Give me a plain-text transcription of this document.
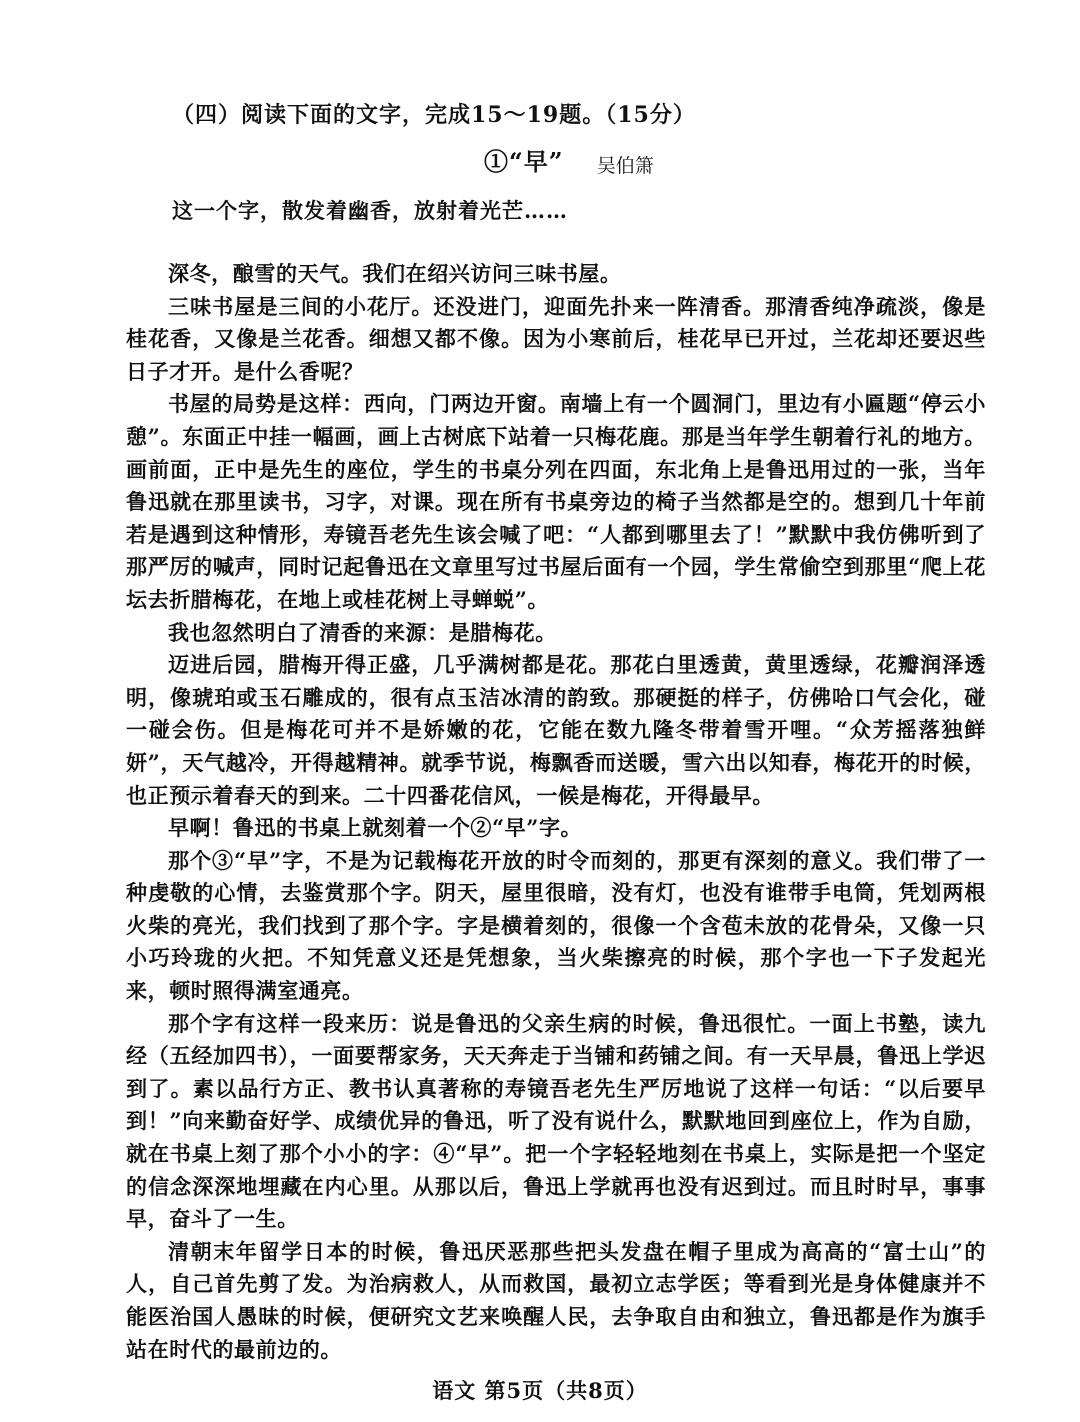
（四）阅读下面的文字，完成15～19题。（15分）
①“早” 吴伯箫
这一个字，散发着幽香，放射着光芒……

深冬，酿雪的天气。我们在绍兴访问三味书屋。

三味书屋是三间的小花厅。还没进门，迎面先扑来一阵清香。那清香纯净疏淡，像是桂花香，又像是兰花香。细想又都不像。因为小寒前后，桂花早已开过，兰花却还要迟些日子才开。是什么香呢？

书屋的局势是这样：西向，门两边开窗。南墙上有一个圆洞门，里边有小匾题“停云小憩”。东面正中挂一幅画，画上古树底下站着一只梅花鹿。那是当年学生朝着行礼的地方。画前面，正中是先生的座位，学生的书桌分列在四面，东北角上是鲁迅用过的一张，当年鲁迅就在那里读书，习字，对课。现在所有书桌旁边的椅子当然都是空的。想到几十年前若是遇到这种情形，寿镜吾老先生该会喊了吧：“人都到哪里去了！”默默中我仿佛听到了那严厉的喊声，同时记起鲁迅在文章里写过书屋后面有一个园，学生常偷空到那里“爬上花坛去折腊梅花，在地上或桂花树上寻蝉蜕”。

我也忽然明白了清香的来源：是腊梅花。

迈进后园，腊梅开得正盛，几乎满树都是花。那花白里透黄，黄里透绿，花瓣润泽透明，像琥珀或玉石雕成的，很有点玉洁冰清的韵致。那硬挺的样子，仿佛哈口气会化，碰一碰会伤。但是梅花可并不是娇嫩的花，它能在数九隆冬带着雪开哩。“众芳摇落独鲜妍”，天气越冷，开得越精神。就季节说，梅飘香而送暖，雪六出以知春，梅花开的时候，也正预示着春天的到来。二十四番花信风，一候是梅花，开得最早。

早啊！鲁迅的书桌上就刻着一个②“早”字。

那个③“早”字，不是为记载梅花开放的时令而刻的，那更有深刻的意义。我们带了一种虔敬的心情，去鉴赏那个字。阴天，屋里很暗，没有灯，也没有谁带手电筒，凭划两根火柴的亮光，我们找到了那个字。字是横着刻的，很像一个含苞未放的花骨朵，又像一只小巧玲珑的火把。不知凭意义还是凭想象，当火柴擦亮的时候，那个字也一下子发起光来，顿时照得满室通亮。

那个字有这样一段来历：说是鲁迅的父亲生病的时候，鲁迅很忙。一面上书塾，读九经（五经加四书），一面要帮家务，天天奔走于当铺和药铺之间。有一天早晨，鲁迅上学迟到了。素以品行方正、教书认真著称的寿镜吾老先生严厉地说了这样一句话：“以后要早到！”向来勤奋好学、成绩优异的鲁迅，听了没有说什么，默默地回到座位上，作为自励，就在书桌上刻了那个小小的字：④“早”。把一个字轻轻地刻在书桌上，实际是把一个坚定的信念深深地埋藏在内心里。从那以后，鲁迅上学就再也没有迟到过。而且时时早，事事早，奋斗了一生。

清朝末年留学日本的时候，鲁迅厌恶那些把头发盘在帽子里成为高高的“富士山”的人，自己首先剪了发。为治病救人，从而救国，最初立志学医；等看到光是身体健康并不能医治国人愚昧的时候，便研究文艺来唤醒人民，去争取自由和独立，鲁迅都是作为旗手站在时代的最前边的。

语文 第5页（共8页）
